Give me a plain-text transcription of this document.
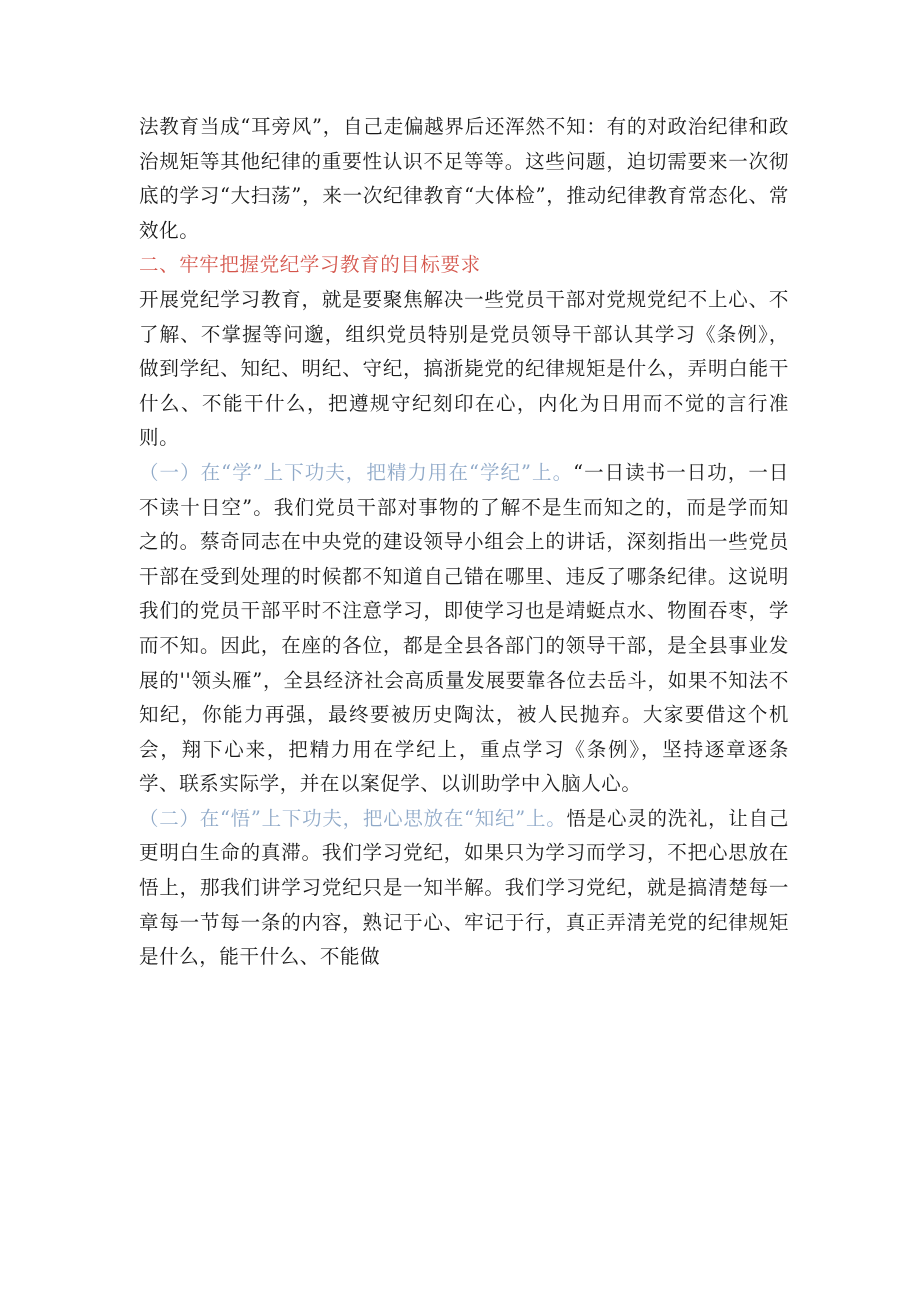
法教育当成“耳旁风”，自己走偏越界后还浑然不知：有的对政治纪律和政治规矩等其他纪律的重要性认识不足等等。这些问题，迫切需要来一次彻底的学习“大扫荡”，来一次纪律教育“大体检”，推动纪律教育常态化、常效化。

二、牢牢把握党纪学习教育的目标要求

开展党纪学习教育，就是要聚焦解决一些党员干部对党规党纪不上心、不了解、不掌握等问邈，组织党员特别是党员领导干部认其学习《条例》，做到学纪、知纪、明纪、守纪，搞浙毙党的纪律规矩是什么，弄明白能干什么、不能干什么，把遵规守纪刻印在心，内化为日用而不觉的言行准则。

（一）在“学”上下功夫，把精力用在“学纪”上。“一日读书一日功，一日不读十日空”。我们党员干部对事物的了解不是生而知之的，而是学而知之的。蔡奇同志在中央党的建设领导小组会上的讲话，深刻指出一些党员干部在受到处理的时候都不知道自己错在哪里、违反了哪条纪律。这说明我们的党员干部平时不注意学习，即使学习也是靖蜓点水、物囿吞枣，学而不知。因此，在座的各位，都是全县各部门的领导干部，是全县事业发展的''领头雁”，全县经济社会高质量发展要靠各位去岳斗，如果不知法不知纪，你能力再强，最终要被历史陶汰，被人民抛弃。大家要借这个机会，翔下心来，把精力用在学纪上，重点学习《条例》，坚持逐章逐条学、联系实际学，并在以案促学、以训助学中入脑人心。

（二）在“悟”上下功夫，把心思放在“知纪”上。悟是心灵的洗礼，让自己更明白生命的真滞。我们学习党纪，如果只为学习而学习，不把心思放在悟上，那我们讲学习党纪只是一知半解。我们学习党纪，就是搞清楚每一章每一节每一条的内容，熟记于心、牢记于行，真正弄清羌党的纪律规矩是什么，能干什么、不能做
